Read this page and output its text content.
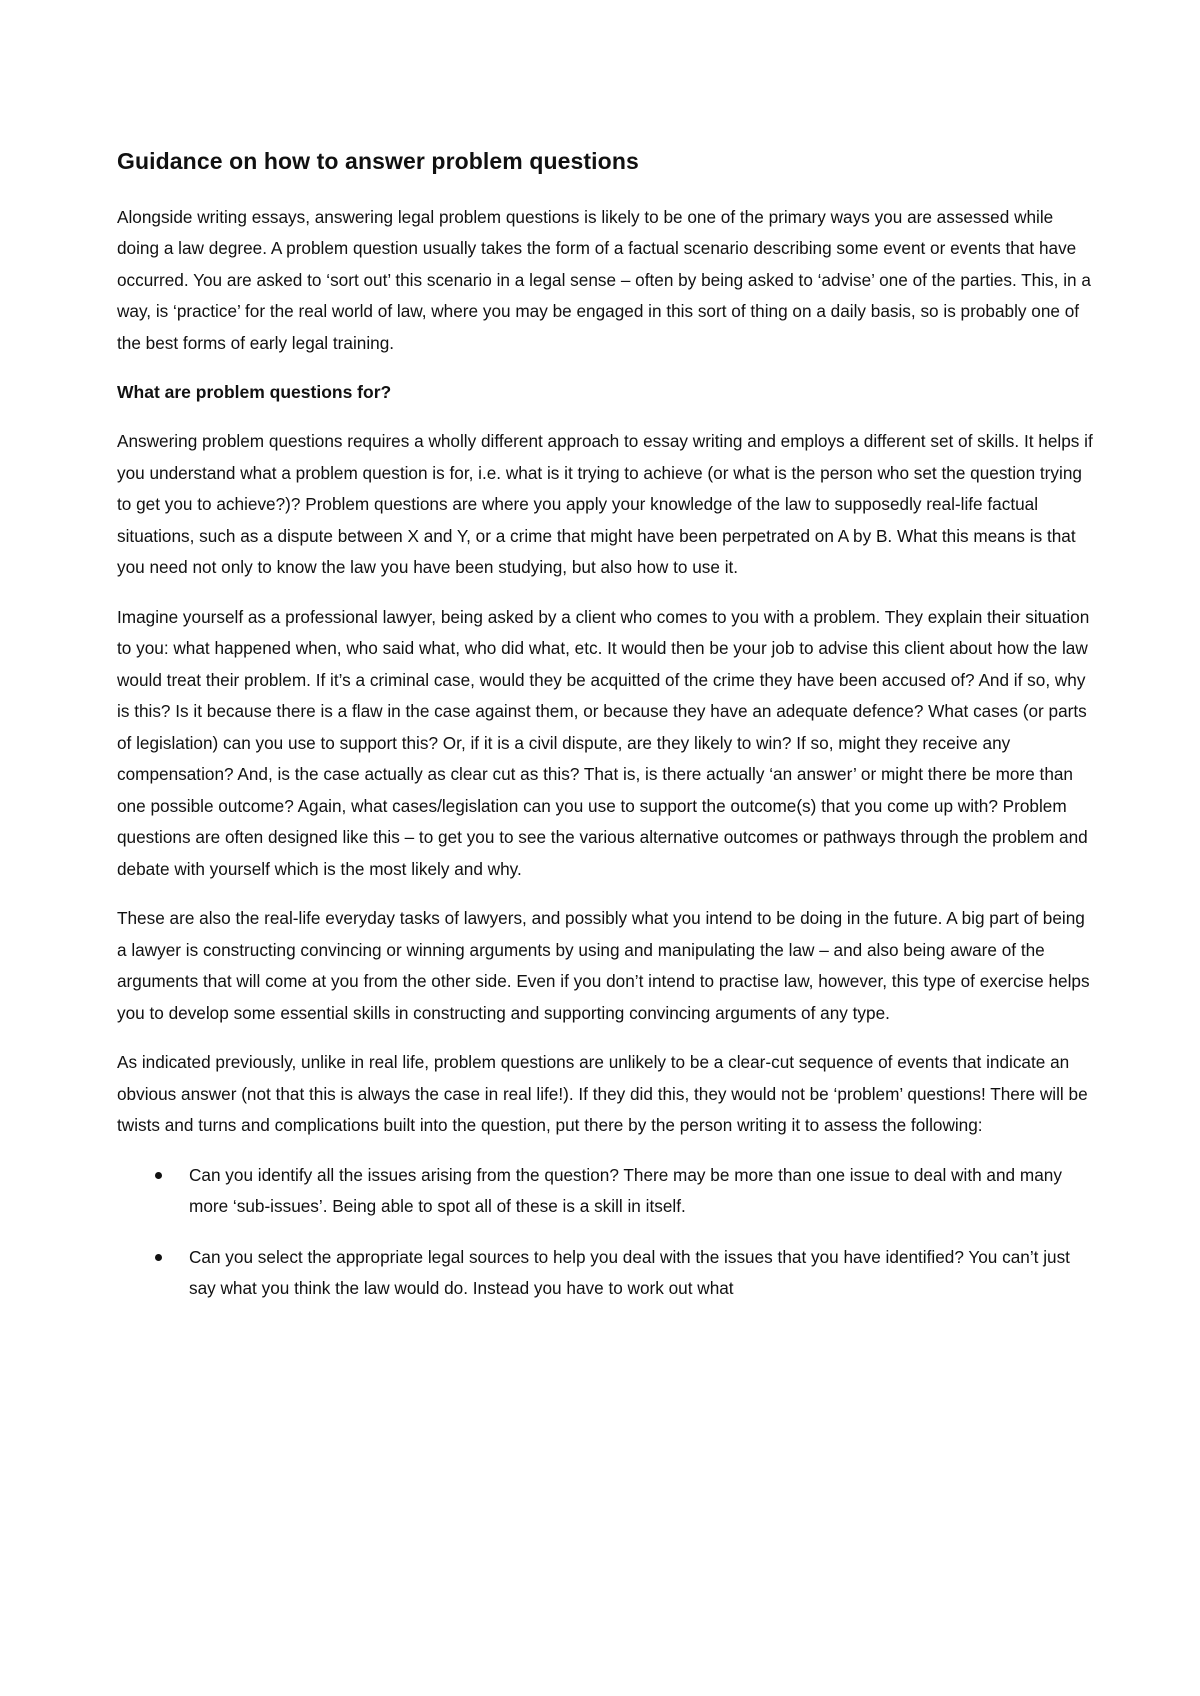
Guidance on how to answer problem questions

Alongside writing essays, answering legal problem questions is likely to be one of the primary ways you are assessed while doing a law degree. A problem question usually takes the form of a factual scenario describing some event or events that have occurred. You are asked to ‘sort out’ this scenario in a legal sense – often by being asked to ‘advise’ one of the parties. This, in a way, is ‘practice’ for the real world of law, where you may be engaged in this sort of thing on a daily basis, so is probably one of the best forms of early legal training.

What are problem questions for?

Answering problem questions requires a wholly different approach to essay writing and employs a different set of skills. It helps if you understand what a problem question is for, i.e. what is it trying to achieve (or what is the person who set the question trying to get you to achieve?)? Problem questions are where you apply your knowledge of the law to supposedly real-life factual situations, such as a dispute between X and Y, or a crime that might have been perpetrated on A by B. What this means is that you need not only to know the law you have been studying, but also how to use it.

Imagine yourself as a professional lawyer, being asked by a client who comes to you with a problem. They explain their situation to you: what happened when, who said what, who did what, etc. It would then be your job to advise this client about how the law would treat their problem. If it’s a criminal case, would they be acquitted of the crime they have been accused of? And if so, why is this? Is it because there is a flaw in the case against them, or because they have an adequate defence? What cases (or parts of legislation) can you use to support this? Or, if it is a civil dispute, are they likely to win? If so, might they receive any compensation? And, is the case actually as clear cut as this? That is, is there actually ‘an answer’ or might there be more than one possible outcome? Again, what cases/legislation can you use to support the outcome(s) that you come up with? Problem questions are often designed like this – to get you to see the various alternative outcomes or pathways through the problem and debate with yourself which is the most likely and why.

These are also the real-life everyday tasks of lawyers, and possibly what you intend to be doing in the future. A big part of being a lawyer is constructing convincing or winning arguments by using and manipulating the law – and also being aware of the arguments that will come at you from the other side. Even if you don’t intend to practise law, however, this type of exercise helps you to develop some essential skills in constructing and supporting convincing arguments of any type.

As indicated previously, unlike in real life, problem questions are unlikely to be a clear-cut sequence of events that indicate an obvious answer (not that this is always the case in real life!). If they did this, they would not be ‘problem’ questions! There will be twists and turns and complications built into the question, put there by the person writing it to assess the following:

Can you identify all the issues arising from the question? There may be more than one issue to deal with and many more ‘sub-issues’. Being able to spot all of these is a skill in itself.
Can you select the appropriate legal sources to help you deal with the issues that you have identified? You can’t just say what you think the law would do. Instead you have to work out what
